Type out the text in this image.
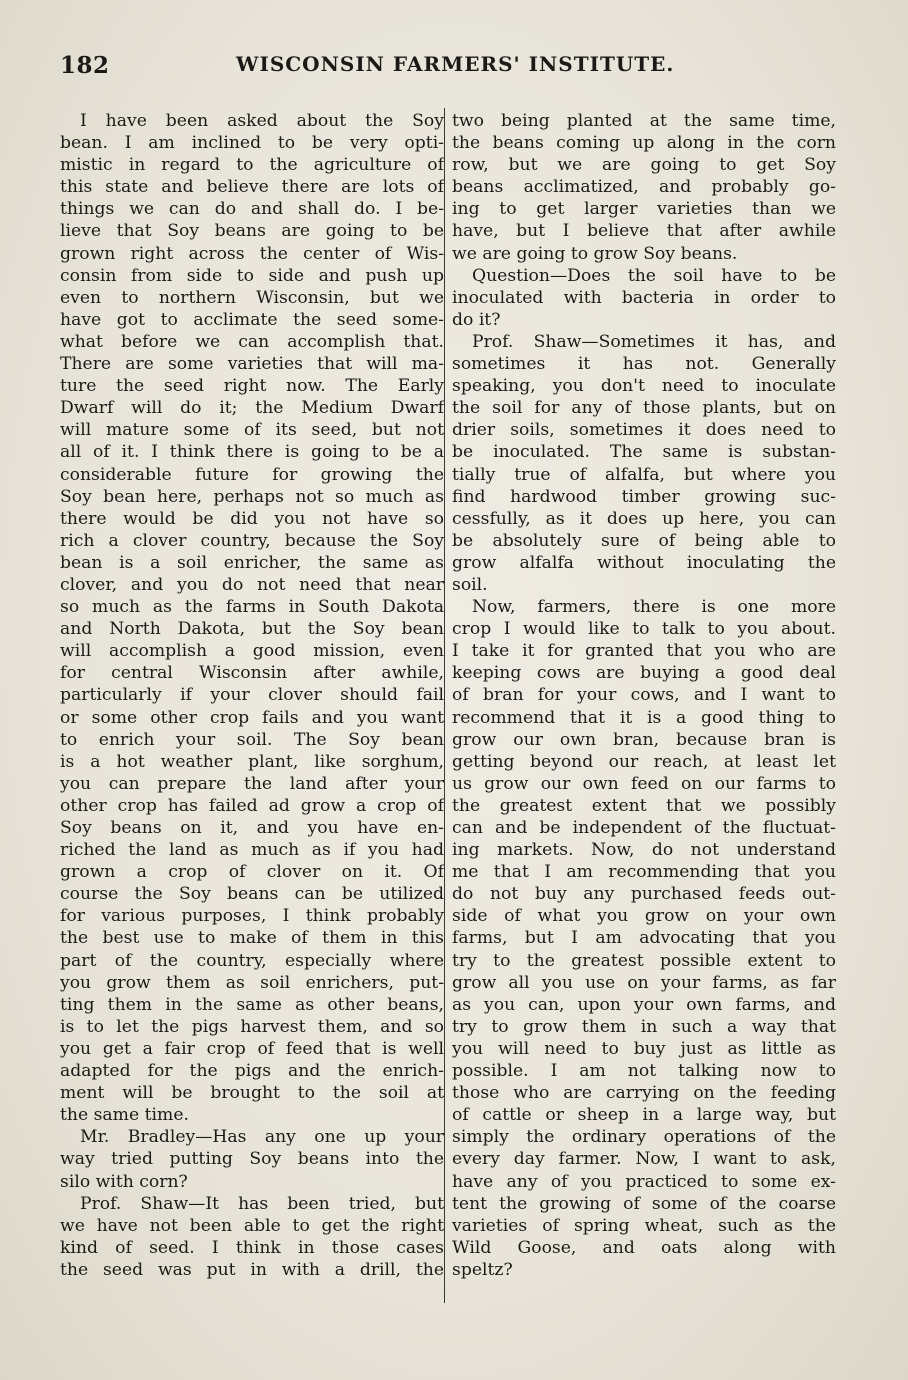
182	WISCONSIN FARMERS' INSTITUTE.
I have been asked about the Soy
bean. I am inclined to be very opti-
mistic in regard to the agriculture of
this state and believe there are lots of
things we can do and shall do. I be-
lieve that Soy beans are going to be
grown right across the center of Wis-
consin from side to side and push up
even to northern Wisconsin, but we
have got to acclimate the seed some-
what before we can accomplish that.
There are some varieties that will ma-
ture the seed right now. The Early
Dwarf will do it; the Medium Dwarf
will mature some of its seed, but not
all of it. I think there is going to be a
considerable future for growing the
Soy bean here, perhaps not so much as
there would be did you not have so
rich a clover country, because the Soy
bean is a soil enricher, the same as
clover, and you do not need that near
so much as the farms in South Dakota
and North Dakota, but the Soy bean
will accomplish a good mission, even
for central Wisconsin after awhile,
particularly if your clover should fail
or some other crop fails and you want
to enrich your soil. The Soy bean
is a hot weather plant, like sorghum,
you can prepare the land after your
other crop has failed ad grow a crop of
Soy beans on it, and you have en-
riched the land as much as if you had
grown a crop of clover on it. Of
course the Soy beans can be utilized
for various purposes, I think probably
the best use to make of them in this
part of the country, especially where
you grow them as soil enrichers, put-
ting them in the same as other beans,
is to let the pigs harvest them, and so
you get a fair crop of feed that is well
adapted for the pigs and the enrich-
ment will be brought to the soil at
the same time.
Mr. Bradley—Has any one up your
way tried putting Soy beans into the
silo with corn?
Prof. Shaw—It has been tried, but
we have not been able to get the right
kind of seed. I think in those cases
the seed was put in with a drill, the
two being planted at the same time,
the beans coming up along in the corn
row, but we are going to get Soy
beans acclimatized, and probably go-
ing to get larger varieties than we
have, but I believe that after awhile
we are going to grow Soy beans.
Question—Does the soil have to be
inoculated with bacteria in order to
do it?
Prof. Shaw—Sometimes it has, and
sometimes it has not. Generally
speaking, you don't need to inoculate
the soil for any of those plants, but on
drier soils, sometimes it does need to
be inoculated. The same is substan-
tially true of alfalfa, but where you
find hardwood timber growing suc-
cessfully, as it does up here, you can
be absolutely sure of being able to
grow alfalfa without inoculating the
soil.
Now, farmers, there is one more
crop I would like to talk to you about.
I take it for granted that you who are
keeping cows are buying a good deal
of bran for your cows, and I want to
recommend that it is a good thing to
grow our own bran, because bran is
getting beyond our reach, at least let
us grow our own feed on our farms to
the greatest extent that we possibly
can and be independent of the fluctuat-
ing markets. Now, do not understand
me that I am recommending that you
do not buy any purchased feeds out-
side of what you grow on your own
farms, but I am advocating that you
try to the greatest possible extent to
grow all you use on your farms, as far
as you can, upon your own farms, and
try to grow them in such a way that
you will need to buy just as little as
possible. I am not talking now to
those who are carrying on the feeding
of cattle or sheep in a large way, but
simply the ordinary operations of the
every day farmer. Now, I want to ask,
have any of you practiced to some ex-
tent the growing of some of the coarse
varieties of spring wheat, such as the
Wild Goose, and oats along with
speltz?
